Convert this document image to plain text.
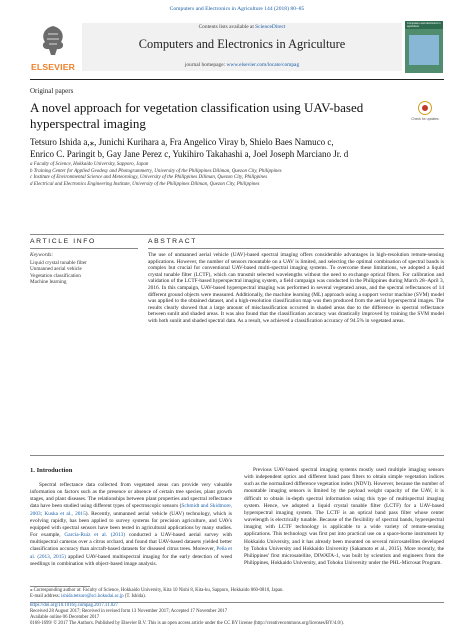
Computers and Electronics in Agriculture 144 (2018) 80–85
ELSEVIER
Contents lists available at ScienceDirect
Computers and Electronics in Agriculture
journal homepage: www.elsevier.com/locate/compag
Computers and electronics in agriculture
Original papers
A novel approach for vegetation classification using UAV-based hyperspectral imaging	Check for updates
Tetsuro Ishida a,⁎, Junichi Kurihara a, Fra Angelico Viray b, Shielo Baes Namuco c,
Enrico C. Paringit b, Gay Jane Perez c, Yukihiro Takahashi a, Joel Joseph Marciano Jr. d
a Faculty of Science, Hokkaido University, Sapporo, Japan
b Training Center for Applied Geodesy and Photogrammetry, University of the Philippines Diliman, Quezon City, Philippines
c Institute of Environmental Science and Meteorology, University of the Philippines Diliman, Quezon City, Philippines
d Electrical and Electronics Engineering Institute, University of the Philippines Diliman, Quezon City, Philippines
ARTICLE INFO	ABSTRACT
Keywords:
Liquid crystal tunable filter
Unmanned aerial vehicle
Vegetation classification
Machine learning
The use of unmanned aerial vehicle (UAV)-based spectral imaging offers considerable advantages in high-resolution remote-sensing applications. However, the number of sensors mountable on a UAV is limited, and selecting the optimal combination of spectral bands is complex but crucial for conventional UAV-based multi-spectral imaging systems. To overcome these limitations, we adopted a liquid crystal tunable filter (LCTF), which can transmit selected wavelengths without the need to exchange optical filters. For calibration and validation of the LCTF-based hyperspectral imaging system, a field campaign was conducted in the Philippines during March 28–April 3, 2016. In this campaign, UAV-based hyperspectral imaging was performed in several vegetated areas, and the spectral reflectances of 14 different ground objects were measured. Additionally, the machine learning (ML) approach using a support vector machine (SVM) model was applied to the obtained dataset, and a high-resolution classification map was then produced from the aerial hyperspectral images. The results clearly showed that a large amount of misclassification occurred in shaded areas due to the difference in spectral reflectance between sunlit and shaded areas. It was also found that the classification accuracy was drastically improved by training the SVM model with both sunlit and shaded spectral data. As a result, we achieved a classification accuracy of 94.5% in vegetated areas.
1. Introduction
Spectral reflectance data collected from vegetated areas can provide very valuable information on factors such as the presence or absence of certain tree species, plant growth stages, and plant diseases. The relationships between plant properties and spectral reflectance data have been studied using different types of spectroscopic sensors (Schmidt and Skidmore, 2003; Kuska et al., 2015). Recently, unmanned aerial vehicle (UAV) technology, which is evolving rapidly, has been applied to survey systems for precision agriculture, and UAVs equipped with spectral sensors have been tested in agricultural applications by many studies. For example, García-Ruiz et al. (2013) conducted a UAV-based aerial survey with multispectral cameras over a citrus orchard, and found that UAV-based datasets yielded better classification accuracy than aircraft-based datasets for diseased citrus trees. Moreover, Peña et al. (2013, 2015) applied UAV-based multispectral imaging for the early detection of weed seedlings in combination with object-based image analysis.
Previous UAV-based spectral imaging systems mostly used multiple imaging sensors with independent optics and different band pass filters to obtain simple vegetation indices such as the normalized difference vegetation index (NDVI). However, because the number of mountable imaging sensors is limited by the payload weight capacity of the UAV, it is difficult to obtain in-depth spectral information using this type of multispectral imaging system. Hence, we adopted a liquid crystal tunable filter (LCTF) for a UAV-based hyperspectral imaging system. The LCTF is an optical band pass filter whose center wavelength is electrically tunable. Because of the flexibility of spectral bands, hyperspectral imaging with LCTF technology is applicable to a wide variety of remote-sensing applications. This technology was first put into practical use on a space-borne instrument by Hokkaido University, and it has already been mounted on several microsatellites developed by Tohoku University and Hokkaido University (Sakamoto et al., 2015). More recently, the Philippines' first microsatellite, DIWATA-1, was built by scientists and engineers from the Philippines, Hokkaido University, and Tohoku University under the PHL-Microsat Program.
⁎ Corresponding author at: Faculty of Science, Hokkaido University, Kita 10 Nishi 8, Kita-ku, Sapporo, Hokkaido 060-0810, Japan.
E-mail address: ishida.tetsuro@sci.hokudai.ac.jp (T. Ishida).
https://doi.org/10.1016/j.compag.2017.11.027
Received 28 August 2017; Received in revised form 13 November 2017; Accepted 17 November 2017
Available online 06 December 2017
0168-1699/ © 2017 The Authors. Published by Elsevier B.V. This is an open access article under the CC BY license (http://creativecommons.org/licenses/BY/4.0/).
